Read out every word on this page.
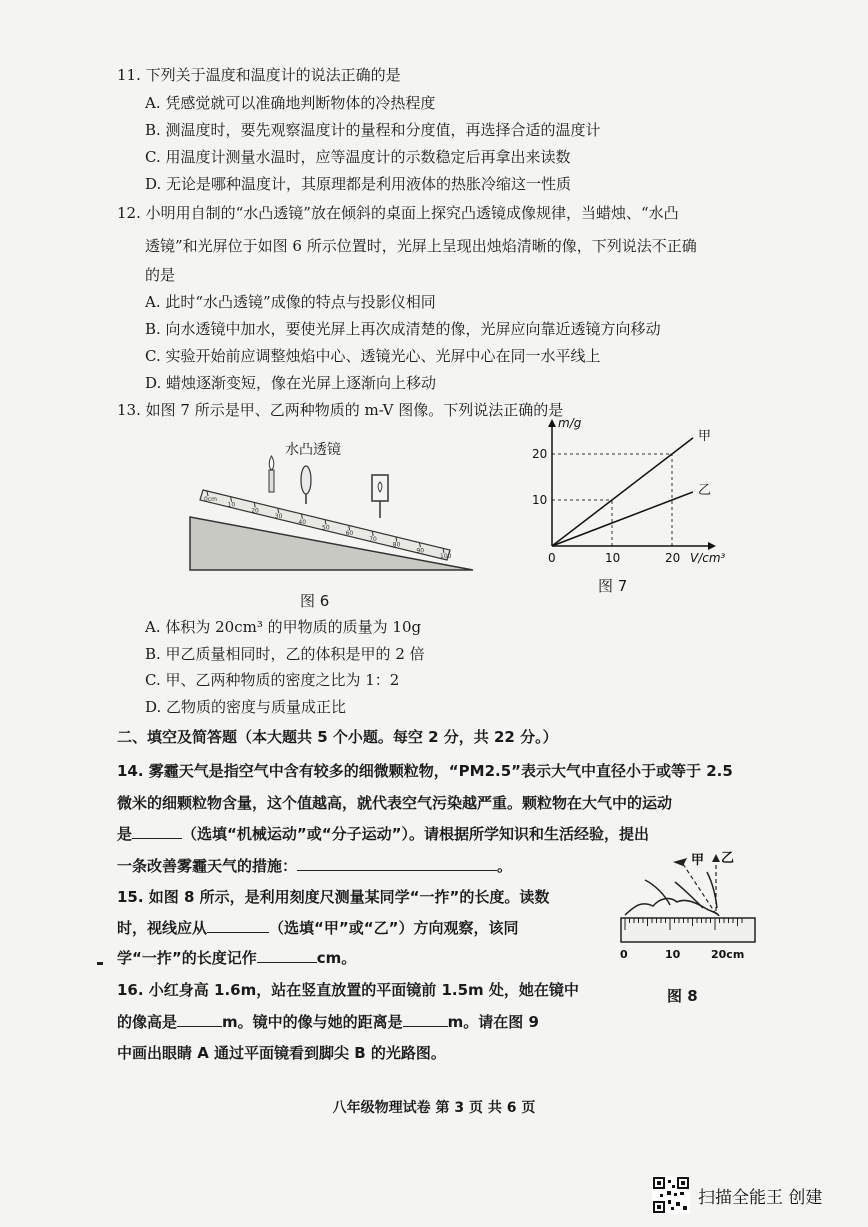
11. 下列关于温度和温度计的说法正确的是
A. 凭感觉就可以准确地判断物体的冷热程度
B. 测温度时，要先观察温度计的量程和分度值，再选择合适的温度计
C. 用温度计测量水温时，应等温度计的示数稳定后再拿出来读数
D. 无论是哪种温度计，其原理都是利用液体的热胀冷缩这一性质
12. 小明用自制的“水凸透镜”放在倾斜的桌面上探究凸透镜成像规律，当蜡烛、“水凸
透镜”和光屏位于如图 6 所示位置时，光屏上呈现出烛焰清晰的像，下列说法不正确
的是
A. 此时“水凸透镜”成像的特点与投影仪相同
B. 向水透镜中加水，要使光屏上再次成清楚的像，光屏应向靠近透镜方向移动
C. 实验开始前应调整烛焰中心、透镜光心、光屏中心在同一水平线上
D. 蜡烛逐渐变短，像在光屏上逐渐向上移动
13. 如图 7 所示是甲、乙两种物质的 m-V 图像。下列说法正确的是
0cm
10
20
30
40
50
60
70
80
90
100
水凸透镜
图 6
甲
乙
0	10	20
10
20
V/cm³
m/g
图 7
A. 体积为 20cm³ 的甲物质的质量为 10g
B. 甲乙质量相同时，乙的体积是甲的 2 倍
C. 甲、乙两种物质的密度之比为 1：2
D. 乙物质的密度与质量成正比
二、填空及简答题（本大题共 5 个小题。每空 2 分，共 22 分。）
14. 雾霾天气是指空气中含有较多的细微颗粒物，“PM2.5”表示大气中直径小于或等于 2.5
微米的细颗粒物含量，这个值越高，就代表空气污染越严重。颗粒物在大气中的运动
是	（选填“机械运动”或“分子运动”）。请根据所学知识和生活经验，提出
一条改善雾霾天气的措施：	。
15. 如图 8 所示，是利用刻度尺测量某同学“一拃”的长度。读数
时，视线应从	（选填“甲”或“乙”）方向观察，该同
学“一拃”的长度记作	cm。
甲 乙
0	10	20cm
图 8
16. 小红身高 1.6m，站在竖直放置的平面镜前 1.5m 处，她在镜中
的像高是	m。镜中的像与她的距离是	m。请在图 9
中画出眼睛 A 通过平面镜看到脚尖 B 的光路图。
八年级物理试卷 第 3 页 共 6 页
扫描全能王 创建
